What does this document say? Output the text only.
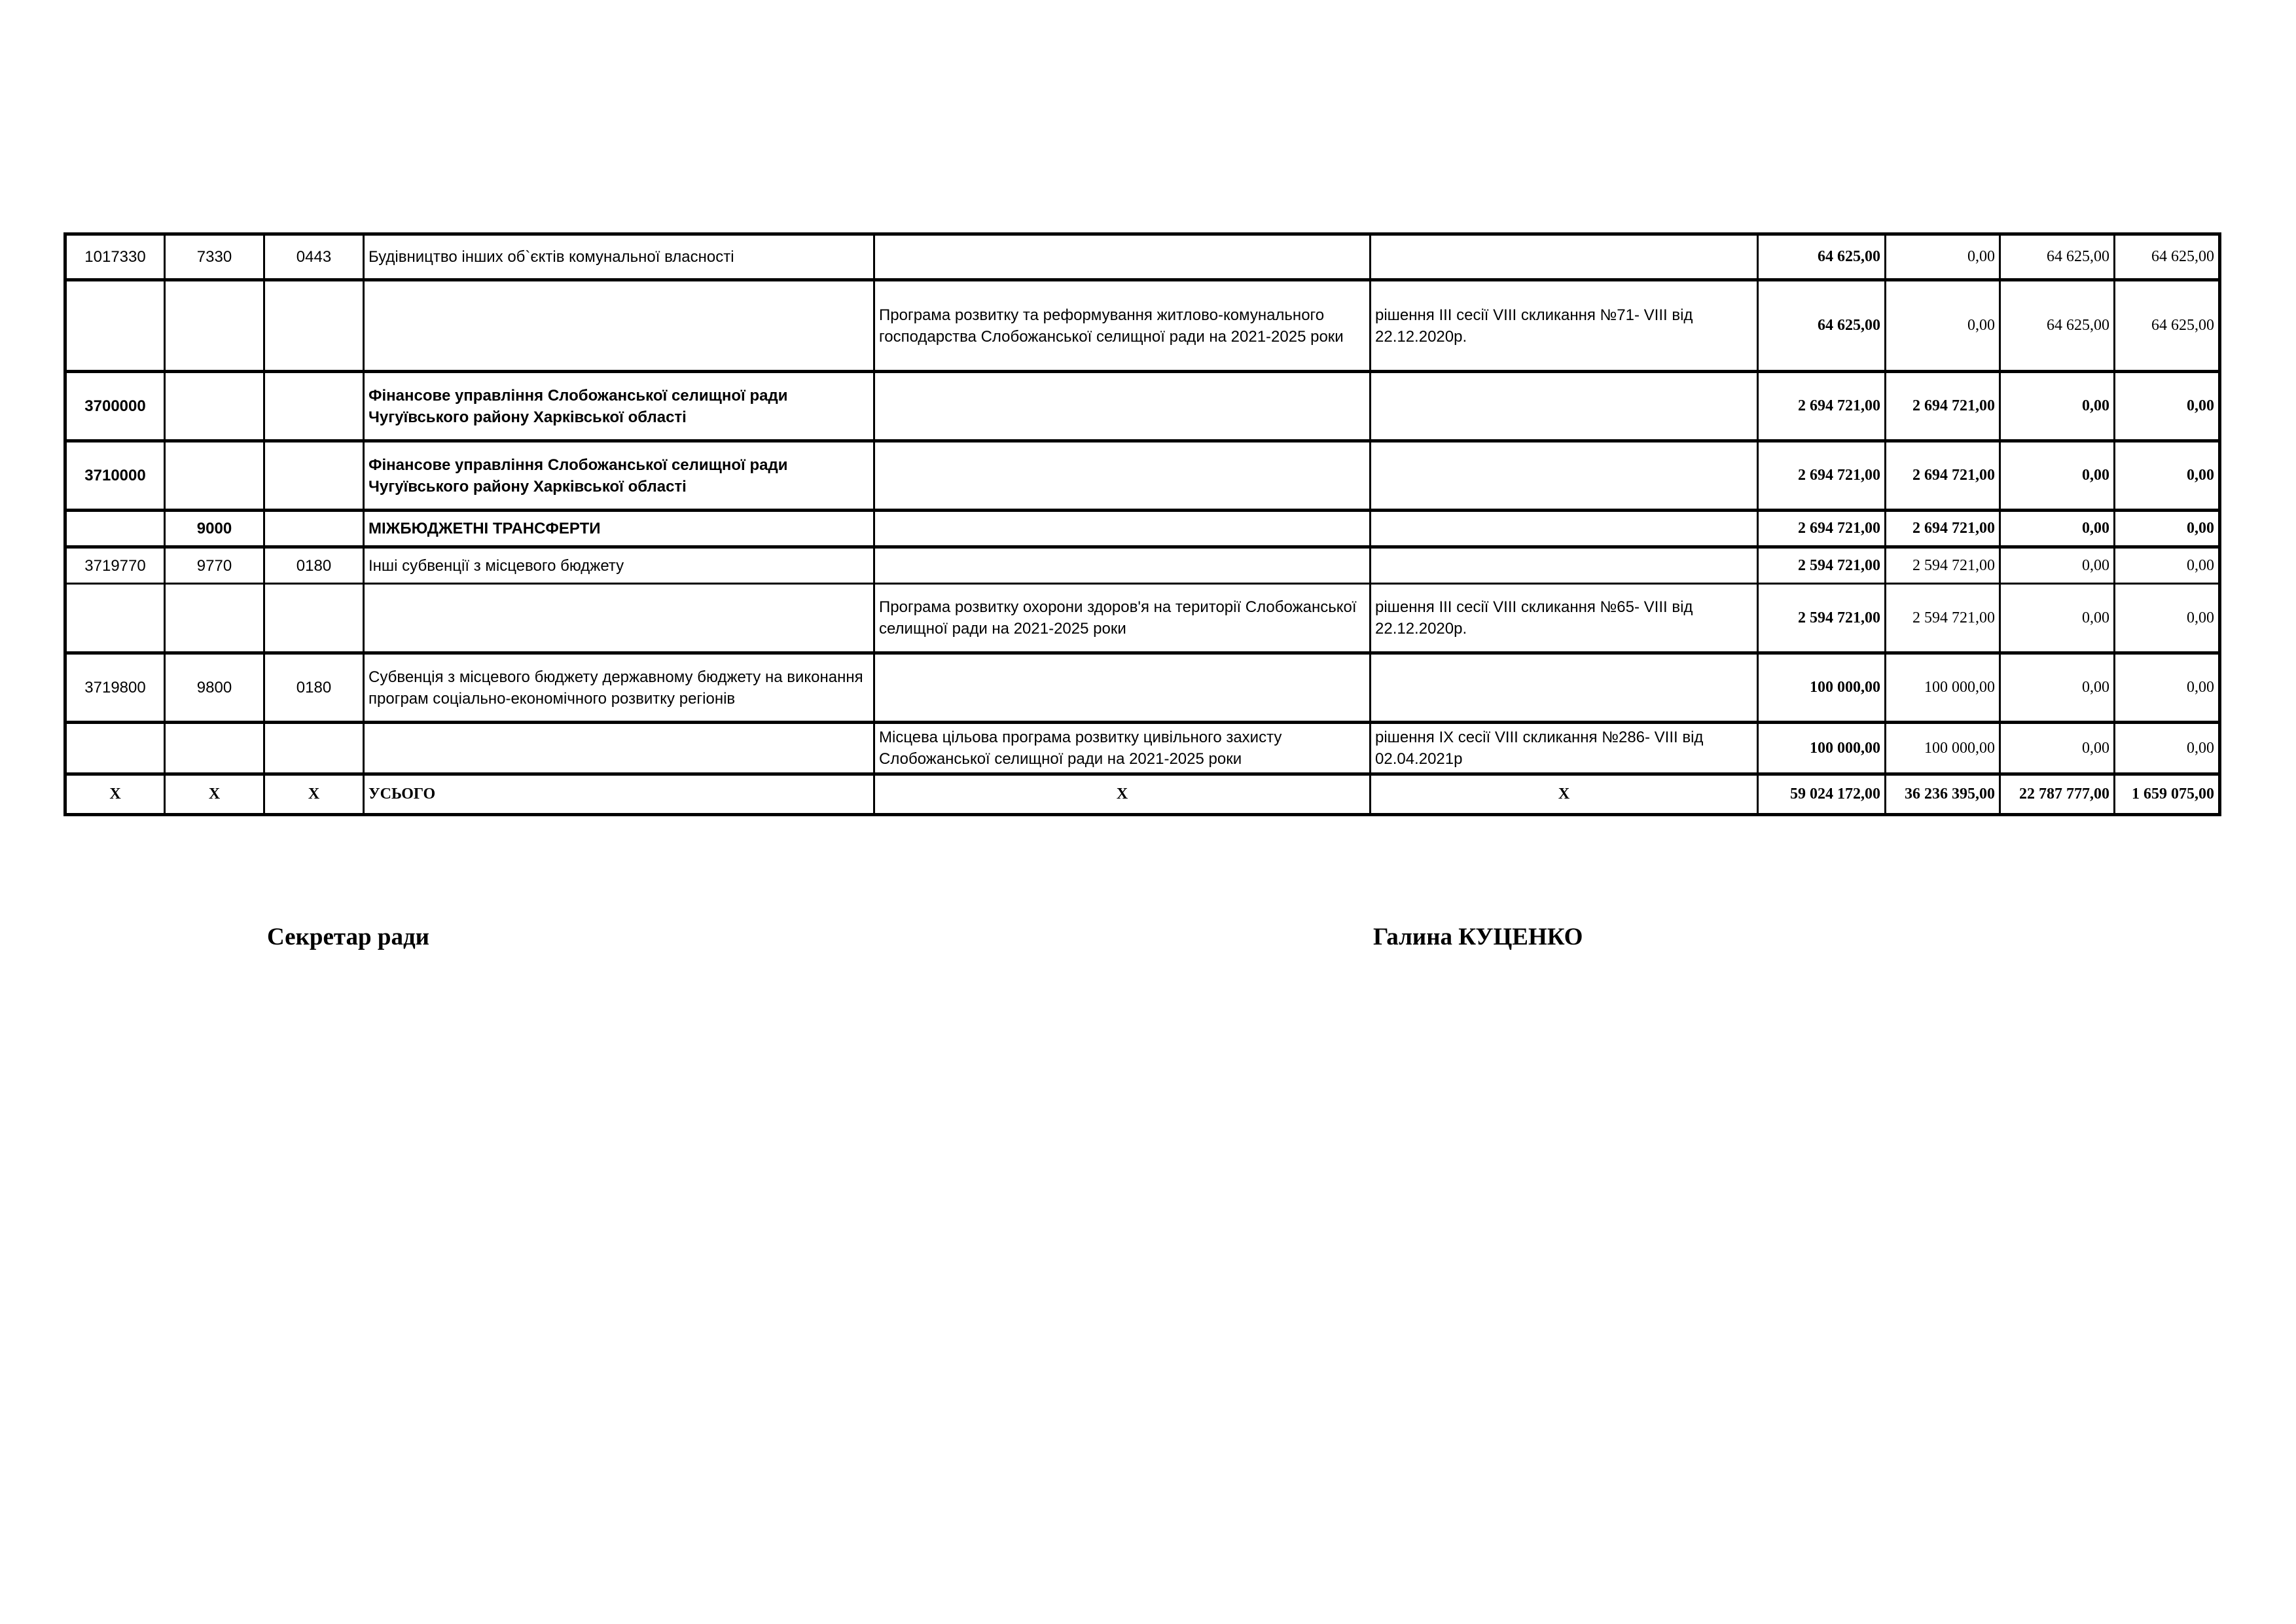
1017330	7330	0443	Будівництво інших об`єктів комунальної власності			64 625,00	0,00	64 625,00	64 625,00
				Програма розвитку та реформування житлово-комунального господарства Слобожанської селищної ради на 2021-2025 роки	рішення ІІІ сесії VIII скликання №71- VIII від 22.12.2020р.	64 625,00	0,00	64 625,00	64 625,00
3700000			Фінансове управління Слобожанської селищної ради Чугуївського району Харківської області			2 694 721,00	2 694 721,00	0,00	0,00
3710000			Фінансове управління Слобожанської селищної ради Чугуївського району Харківської області			2 694 721,00	2 694 721,00	0,00	0,00
	9000		МІЖБЮДЖЕТНІ ТРАНСФЕРТИ			2 694 721,00	2 694 721,00	0,00	0,00
3719770	9770	0180	Інші субвенції з місцевого бюджету			2 594 721,00	2 594 721,00	0,00	0,00
				Програма розвитку охорони здоров'я на території Слобожанської селищної ради на 2021-2025 роки	рішення ІІІ сесії VIII скликання №65- VIII від 22.12.2020р.	2 594 721,00	2 594 721,00	0,00	0,00
3719800	9800	0180	Субвенція з місцевого бюджету державному бюджету на виконання програм соціально-економічного розвитку регіонів			100 000,00	100 000,00	0,00	0,00
				Місцева цільова програма розвитку цивільного захисту Слобожанської селищної ради на 2021-2025 роки	рішення ІХ сесії VIII скликання №286- VIII від 02.04.2021р	100 000,00	100 000,00	0,00	0,00
Х	Х	Х	УСЬОГО	Х	Х	59 024 172,00	36 236 395,00	22 787 777,00	1 659 075,00
Секретар ради	Галина КУЦЕНКО
